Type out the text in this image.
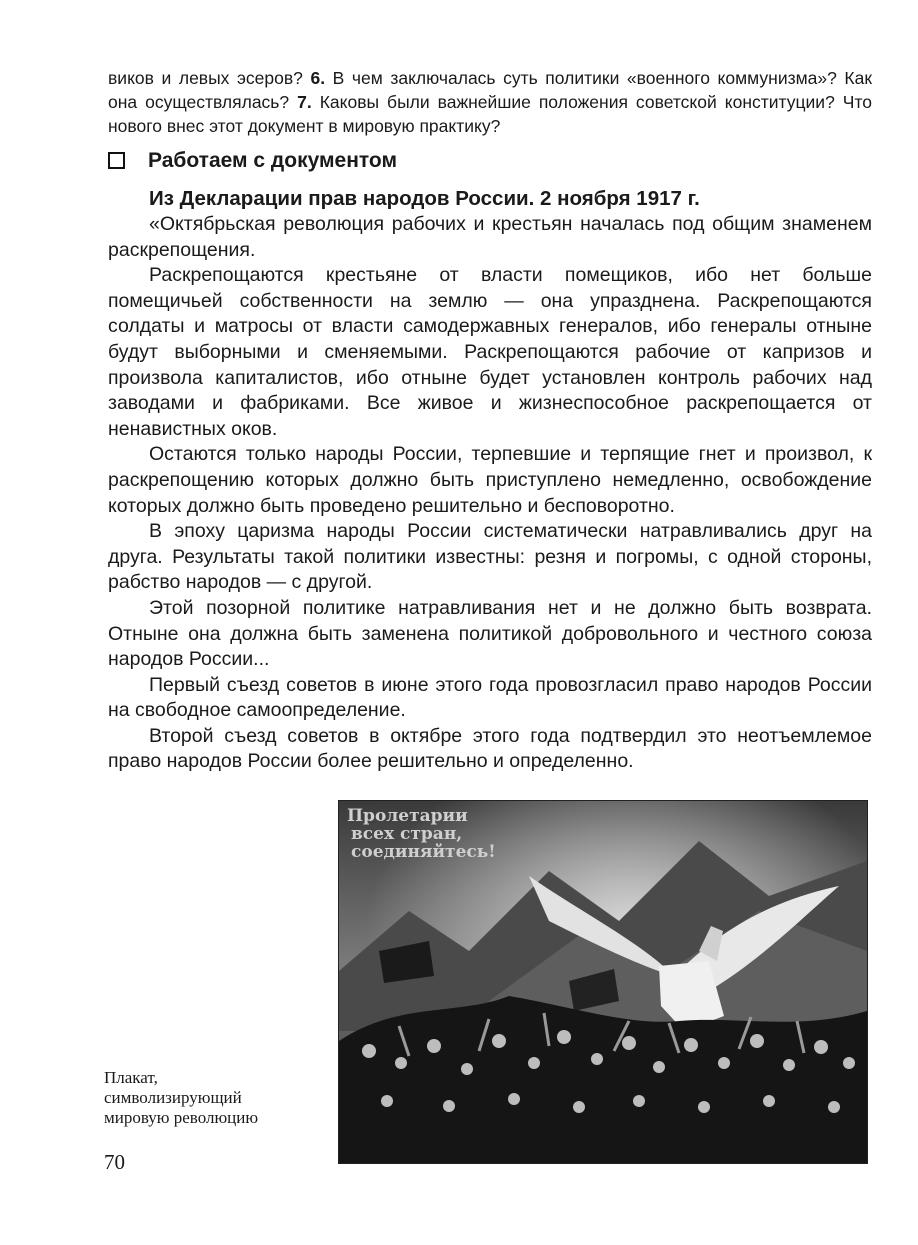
виков и левых эсеров? 6. В чем заключалась суть политики «военного коммунизма»? Как она осуществлялась? 7. Каковы были важнейшие положения советской конституции? Что нового внес этот документ в мировую практику?

Работаем с документом
Из Декларации прав народов России. 2 ноября 1917 г.

«Октябрьская революция рабочих и крестьян началась под общим знаменем раскрепощения.

Раскрепощаются крестьяне от власти помещиков, ибо нет больше помещичьей собственности на землю — она упразднена. Раскрепощаются солдаты и матросы от власти самодержавных генералов, ибо генералы отныне будут выборными и сменяемыми. Раскрепощаются рабочие от капризов и произвола капиталистов, ибо отныне будет установлен контроль рабочих над заводами и фабриками. Все живое и жизнеспособное раскрепощается от ненавистных оков.

Остаются только народы России, терпевшие и терпящие гнет и произвол, к раскрепощению которых должно быть приступлено немедленно, освобождение которых должно быть проведено решительно и бесповоротно.

В эпоху царизма народы России систематически натравливались друг на друга. Результаты такой политики известны: резня и погромы, с одной стороны, рабство народов — с другой.

Этой позорной политике натравливания нет и не должно быть возврата. Отныне она должна быть заменена политикой добровольного и честного союза народов России...

Первый съезд советов в июне этого года провозгласил право народов России на свободное самоопределение.

Второй съезд советов в октябре этого года подтвердил это неотъемлемое право народов России более решительно и определенно.

Пролетарии
всех стран,
соединяйтесь!
Плакат,
символизирующий
мировую революцию
70
